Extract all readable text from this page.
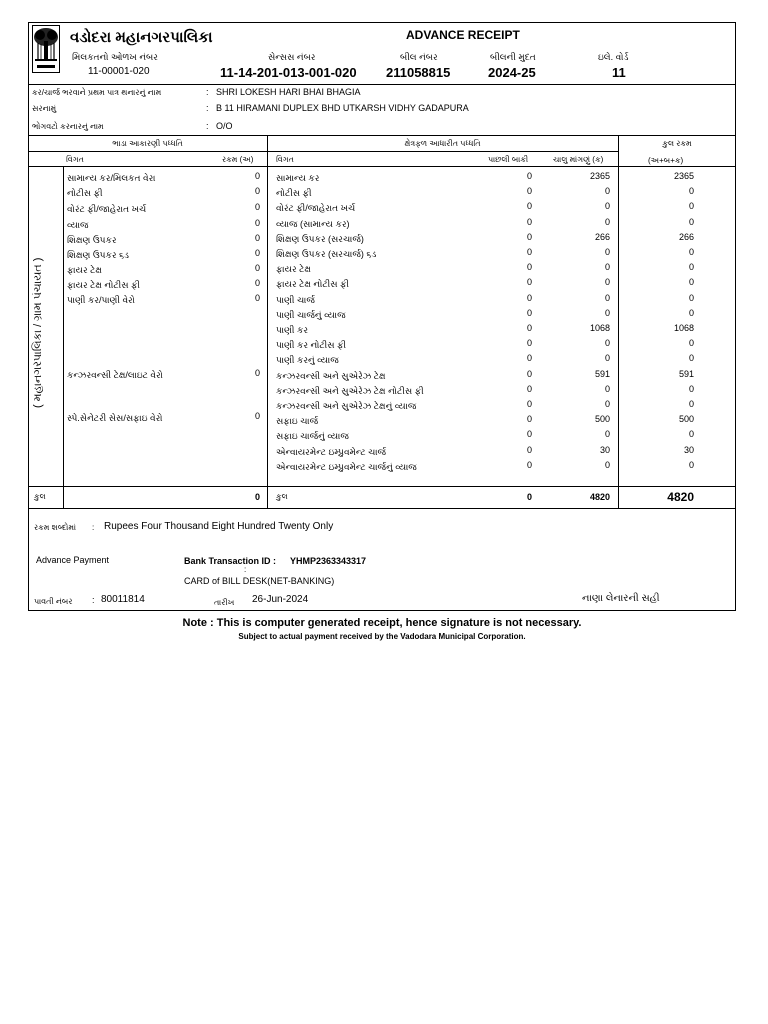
વડોદરા મહાનગરપાલિકા	ADVANCE RECEIPT
મિલકતનો ઓળખ નંબર	સેન્સસ નંબર	બીલ નંબર	બીલની મુદત	ઇલે. વોર્ડ
11-00001-020	11-14-201-013-001-020 211058815	2024-25	11
કર/ચાર્જ ભરવાને પ્રથમ પાત્ર થનારનું નામ	: SHRI LOKESH HARI BHAI BHAGIA
સરનામું	: B 11 HIRAMANI DUPLEX BHD UTKARSH VIDHY GADAPURA
ભોગવટો કરનારનું નામ	: O/O
ભાડા આકારણી પધ્ધતિ	ક્ષેત્રફળ આધારીત પધ્ધતિ	કુલ રકમ
વિગત	રકમ (અ)	વિગત	પાછલી બાકી	ચાલુ માંગણું (ક)	(અ+બ+ક)
( મહાનગરપાલિકા / ગ્રામ પંચાયત )
સામાન્ય કર/મિલકત વેરા	0
નોટીસ ફી	0
વોરંટ ફી/જાહેરાત ખર્ચ	0
વ્યાજ	0
શિક્ષણ ઉપકર	0
શિક્ષણ ઉપકર ૬ડ	0
ફાયર ટેક્ષ	0
ફાયર ટેક્ષ નોટીસ ફી	0
પાણી કર/પાણી વેરો	0
કન્ઝરવન્સી ટેક્ષ/લાઇટ વેરો	0
સ્પે.સેનેટરી સેસ/સફાઇ વેરો	0
સામાન્ય કર	0	2365	2365
નોટીસ ફી	0	0	0
વોરંટ ફી/જાહેરાત ખર્ચ	0	0	0
વ્યાજ (સામાન્ય કર)	0	0	0
શિક્ષણ ઉપકર (સરચાર્જ)	0	266	266
શિક્ષણ ઉપકર (સરચાર્જ) ૬ડ	0	0	0
ફાયર ટેક્ષ	0	0	0
ફાયર ટેક્ષ નોટીસ ફી	0	0	0
પાણી ચાર્જ	0	0	0
પાણી ચાર્જનું વ્યાજ	0	0	0
પાણી કર	0	1068	1068
પાણી કર નોટીસ ફી	0	0	0
પાણી કરનું વ્યાજ	0	0	0
કન્ઝરવન્સી અને સુએરેઝ ટેક્ષ	0	591	591
કન્ઝરવન્સી અને સુએરેઝ ટેક્ષ નોટીસ ફી	0	0	0
કન્ઝરવન્સી અને સુએરેઝ ટેક્ષનું વ્યાજ	0	0	0
સફાઇ ચાર્જ	0	500	500
સફાઇ ચાર્જનું વ્યાજ	0	0	0
એન્વાયરમેન્ટ ઇમ્પ્રુવમેન્ટ ચાર્જ	0	30	30
એન્વાયરમેન્ટ ઇમ્પ્રુવમેન્ટ ચાર્જનું વ્યાજ	0	0	0
કુલ	0 કુલ	0	4820	4820
રકમ શબ્દોમાં : Rupees Four Thousand Eight Hundred Twenty Only
Advance Payment	Bank Transaction ID : YHMP2363343317
:
CARD of BILL DESK(NET-BANKING)
પાવતી નંબર : 80011814	તારીખ 26-Jun-2024	નાણા લેનારની સહી
Note : This is computer generated receipt, hence signature is not necessary.
Subject to actual payment received by the Vadodara Municipal Corporation.
